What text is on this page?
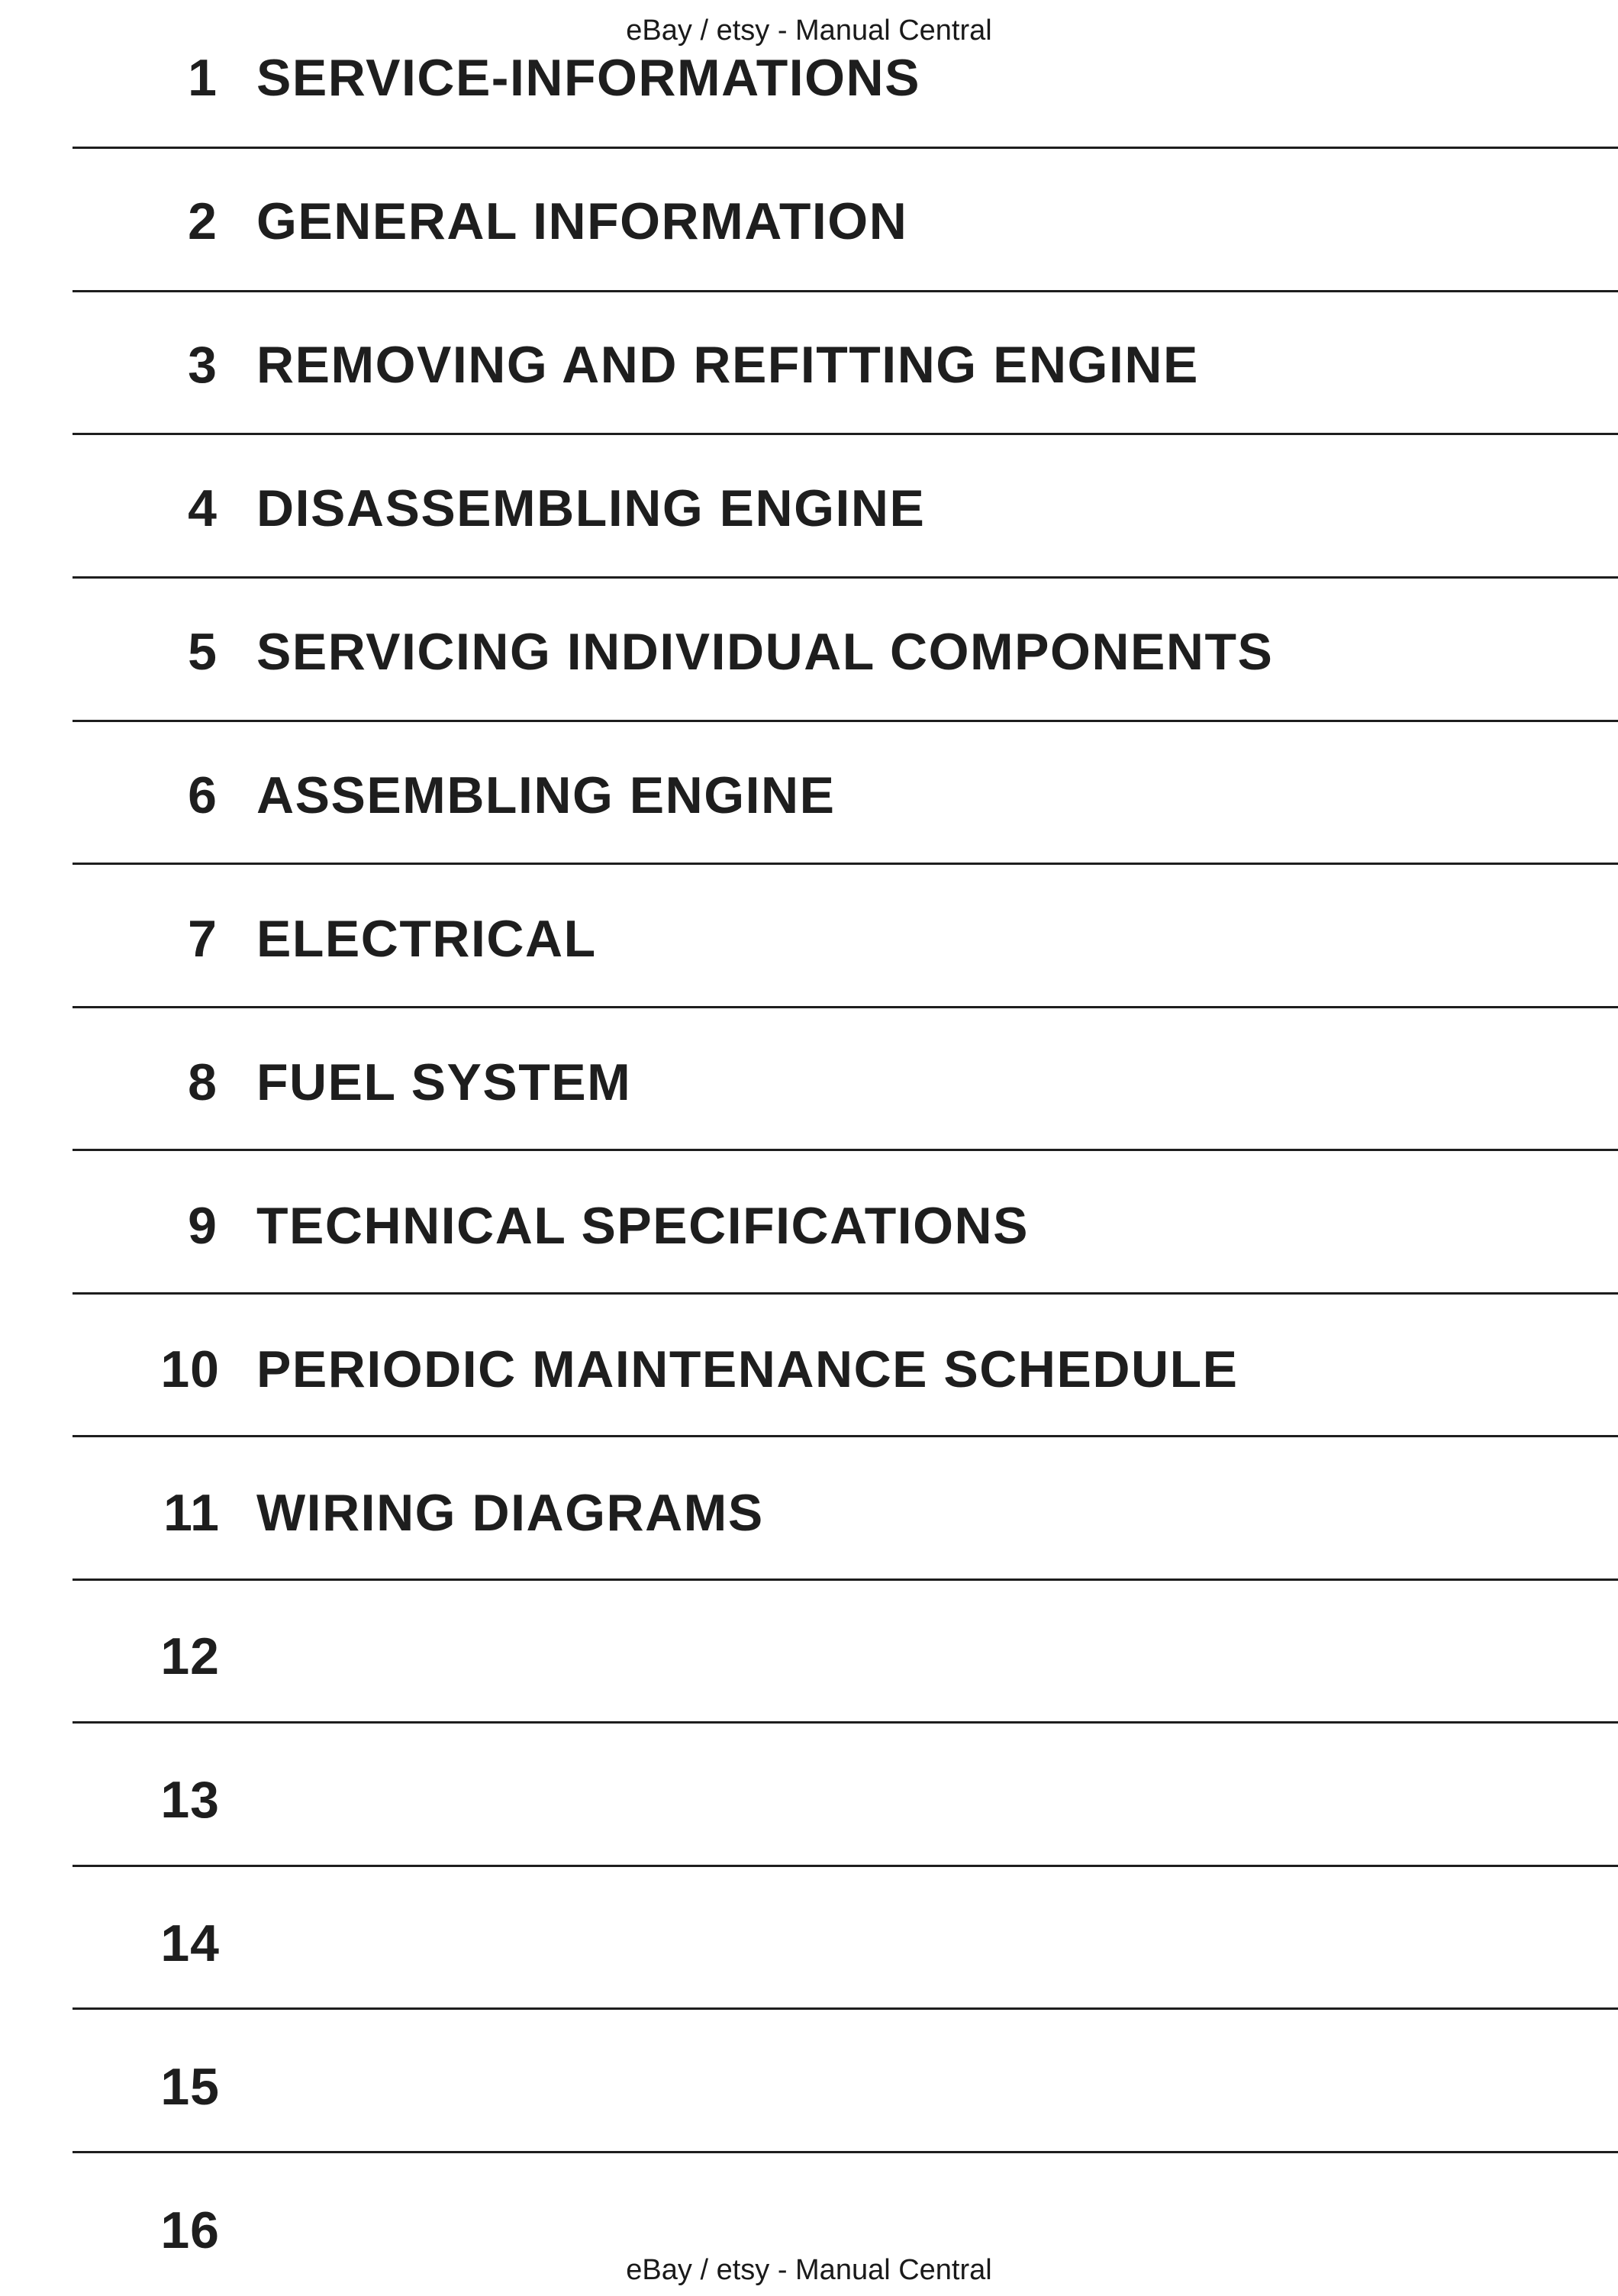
eBay / etsy - Manual Central
1 SERVICE-INFORMATIONS
2 GENERAL INFORMATION
3 REMOVING AND REFITTING ENGINE
4 DISASSEMBLING ENGINE
5 SERVICING INDIVIDUAL COMPONENTS
6 ASSEMBLING ENGINE
7 ELECTRICAL
8 FUEL SYSTEM
9 TECHNICAL SPECIFICATIONS
10 PERIODIC MAINTENANCE SCHEDULE
11 WIRING DIAGRAMS
12
13
14
15
16
eBay / etsy - Manual Central
